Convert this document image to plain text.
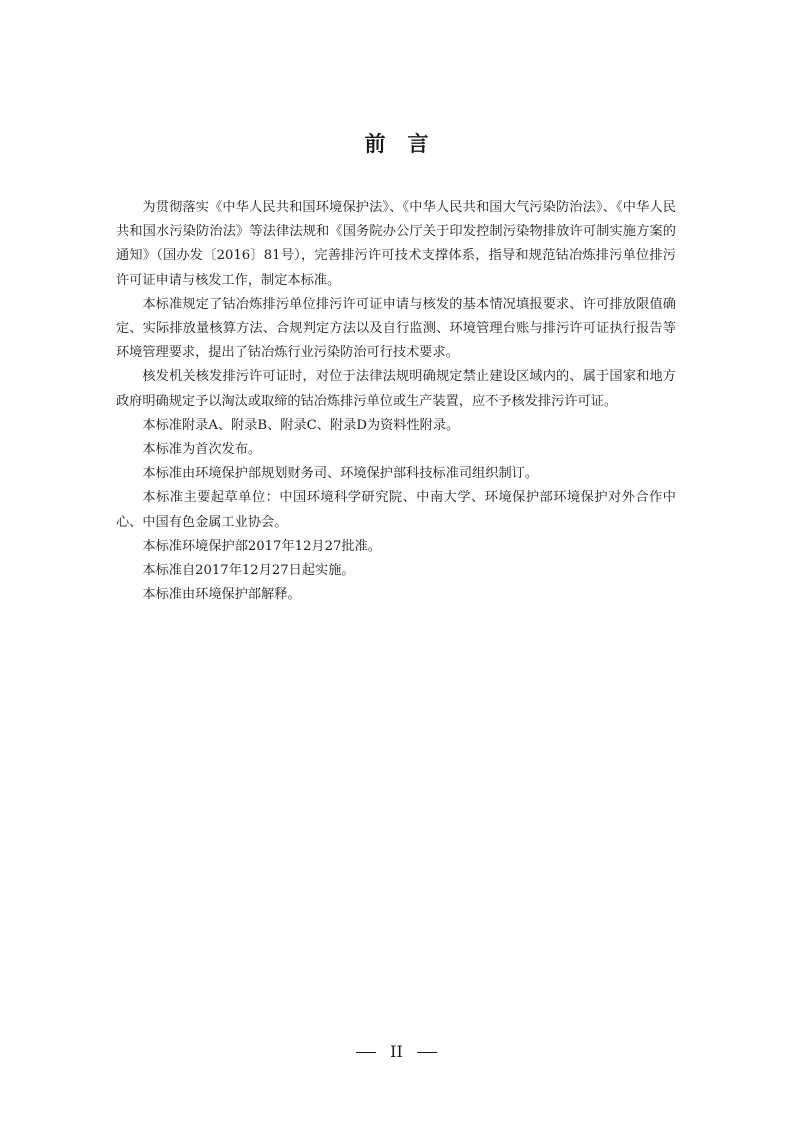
前言

为贯彻落实《中华人民共和国环境保护法》、《中华人民共和国大气污染防治法》、《中华人民共和国水污染防治法》等法律法规和《国务院办公厅关于印发控制污染物排放许可制实施方案的通知》（国办发〔2016〕81号），完善排污许可技术支撑体系，指导和规范钴冶炼排污单位排污许可证申请与核发工作，制定本标准。

本标准规定了钴冶炼排污单位排污许可证申请与核发的基本情况填报要求、许可排放限值确定、实际排放量核算方法、合规判定方法以及自行监测、环境管理台账与排污许可证执行报告等环境管理要求，提出了钴冶炼行业污染防治可行技术要求。

核发机关核发排污许可证时，对位于法律法规明确规定禁止建设区域内的、属于国家和地方政府明确规定予以淘汰或取缔的钴冶炼排污单位或生产装置，应不予核发排污许可证。

本标准附录A、附录B、附录C、附录D为资料性附录。

本标准为首次发布。

本标准由环境保护部规划财务司、环境保护部科技标准司组织制订。

本标准主要起草单位：中国环境科学研究院、中南大学、环境保护部环境保护对外合作中心、中国有色金属工业协会。

本标准环境保护部2017年12月27批准。

本标准自2017年12月27日起实施。

本标准由环境保护部解释。

II
